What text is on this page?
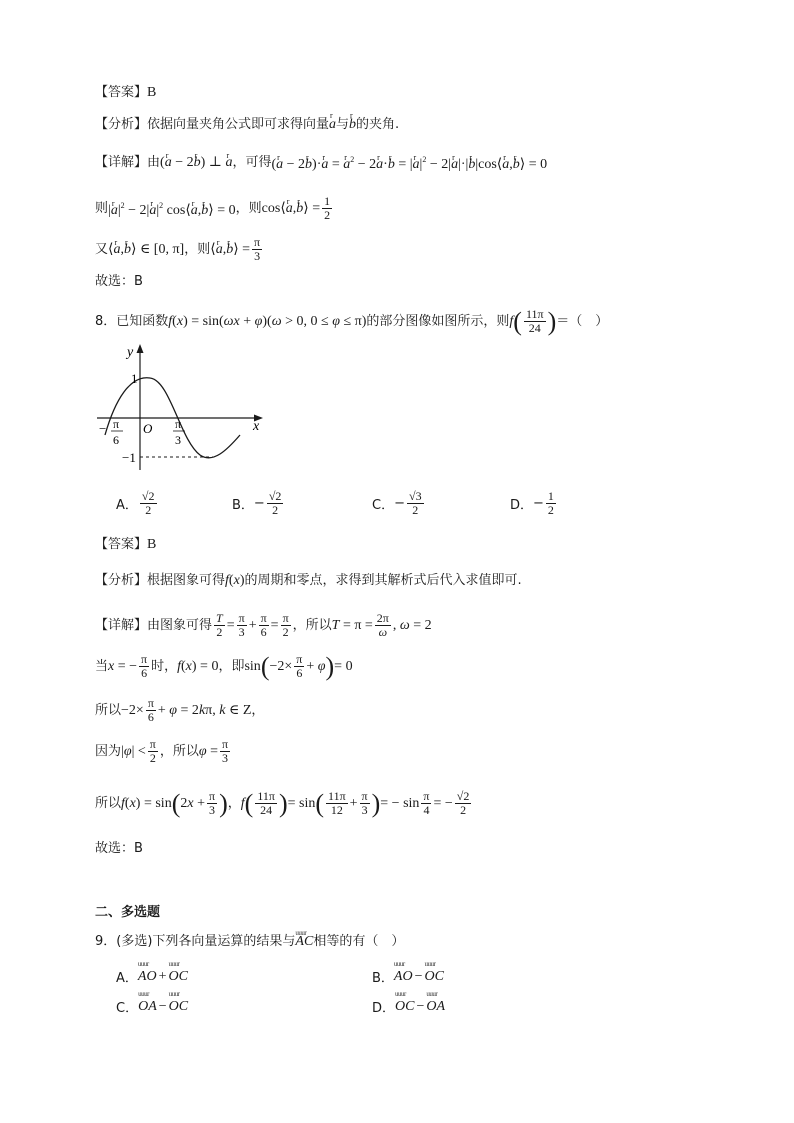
【答案】 B
【分析】 依据向量夹角公式即可求得向量 r a 与 r b 的夹角.
【详解】 由 (r a − 2r b) ⊥ r a ，可得 (r a − 2r b)·r a = r $a^2 - 2r$ a·r b = |r $a|^2 - 2|r$ a|·|r b|cos⟨r a,r b⟩ = 0
则 |r $a|^2 - 2|r$ $a|^2$ cos⟨r a,r b⟩ = 0 ，则 cos⟨r a,r b⟩ = $\frac{1}{2}$
又 ⟨r a,r b⟩ ∈ [0, π] ，则 ⟨r a,r b⟩ = $\frac{\pi}{3}$
故选：B
8．已知函数 f(x) = sin(ωx + φ)(ω > 0, 0 ≤ φ ≤ π) 的部分图像如图所示，则 f ( $\frac{11\pi}{24}$ ) ＝（　）
y
x
O
1
−1
− π
6
π
3
A． $\frac{√2}{2}$	B． − $\frac{√2}{2}$	C． − $\frac{√3}{2}$	D． − $\frac{1}{2}$
【答案】 B
【分析】 根据图象可得 f(x) 的周期和零点，求得到其解析式后代入求值即可.
【详解】 由图象可得 $\frac{T}{2} = \frac{\pi}{3} + \frac{\pi}{6} = \frac{\pi}{2}$ ，所以 $T = \pi = \frac{2\pi}{\omega}$ , ω = 2
当 x = − $\frac{\pi}{6}$ 时， f(x) = 0 ，即 sin ( $-2\times \frac{\pi}{6} + \varphi$ ) = 0
所以 $-2\times \frac{\pi}{6} + \varphi = 2k\pi$, k ∈ Z ，
因为 $|\varphi| < \frac{\pi}{2}$ ，所以 $\varphi = \frac{\pi}{3}$
所以 f(x) = sin ( $2x + \frac{\pi}{3}$ ) ， f ( $\frac{11\pi}{24}$ ) = sin ( $\frac{11\pi}{12} + \frac{\pi}{3}$ ) = − $\sin \frac{\pi}{4}$ = − $\frac{√2}{2}$
故选：B
二、多选题
9．(多选)下列各向量运算的结果与 uuur AC 相等的有（　）
A． uuur AO + uuur OC	B． uuur AO − uuur OC
C． uuur OA − uuur OC	D． uuur OC − uuur OA
